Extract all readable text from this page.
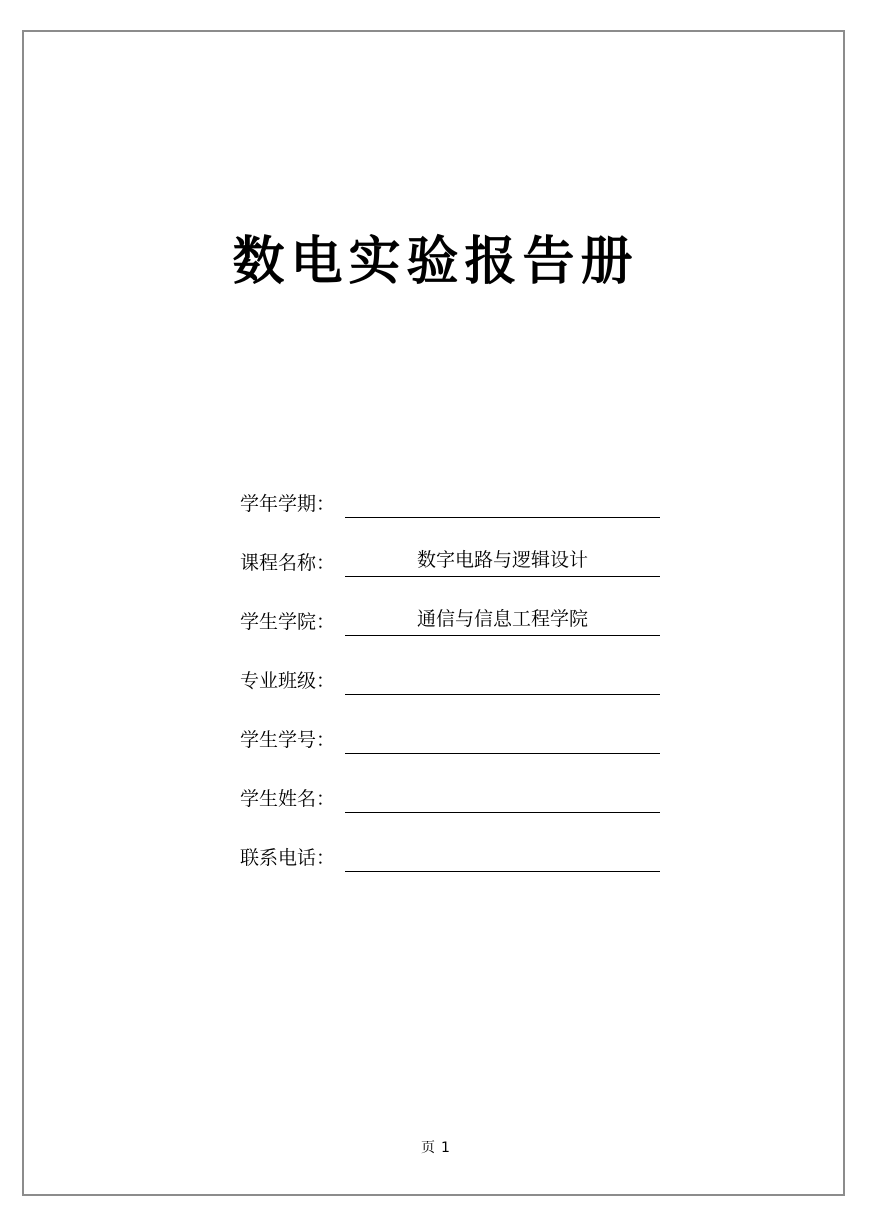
数电实验报告册
学年学期：
课程名称：	数字电路与逻辑设计
学生学院：	通信与信息工程学院
专业班级：
学生学号：
学生姓名：
联系电话：
页 1
